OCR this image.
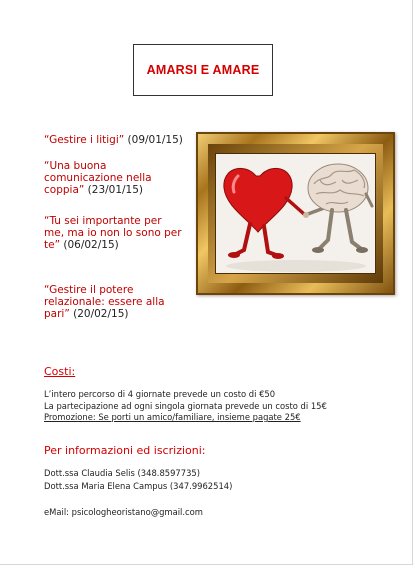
AMARSI E AMARE
“Gestire i litigi” (09/01/15)
“Una buona
comunicazione nella
coppia” (23/01/15)
“Tu sei importante per
me, ma io non lo sono per
te” (06/02/15)
“Gestire il potere
relazionale: essere alla
pari” (20/02/15)
Costi:
L’intero percorso di 4 giornate prevede un costo di €50
La partecipazione ad ogni singola giornata prevede un costo di 15€
Promozione: Se porti un amico/familiare, insieme pagate 25€
Per informazioni ed iscrizioni:
Dott.ssa Claudia Selis (348.8597735)
Dott.ssa Maria Elena Campus (347.9962514)
eMail: psicologheoristano@gmail.com
